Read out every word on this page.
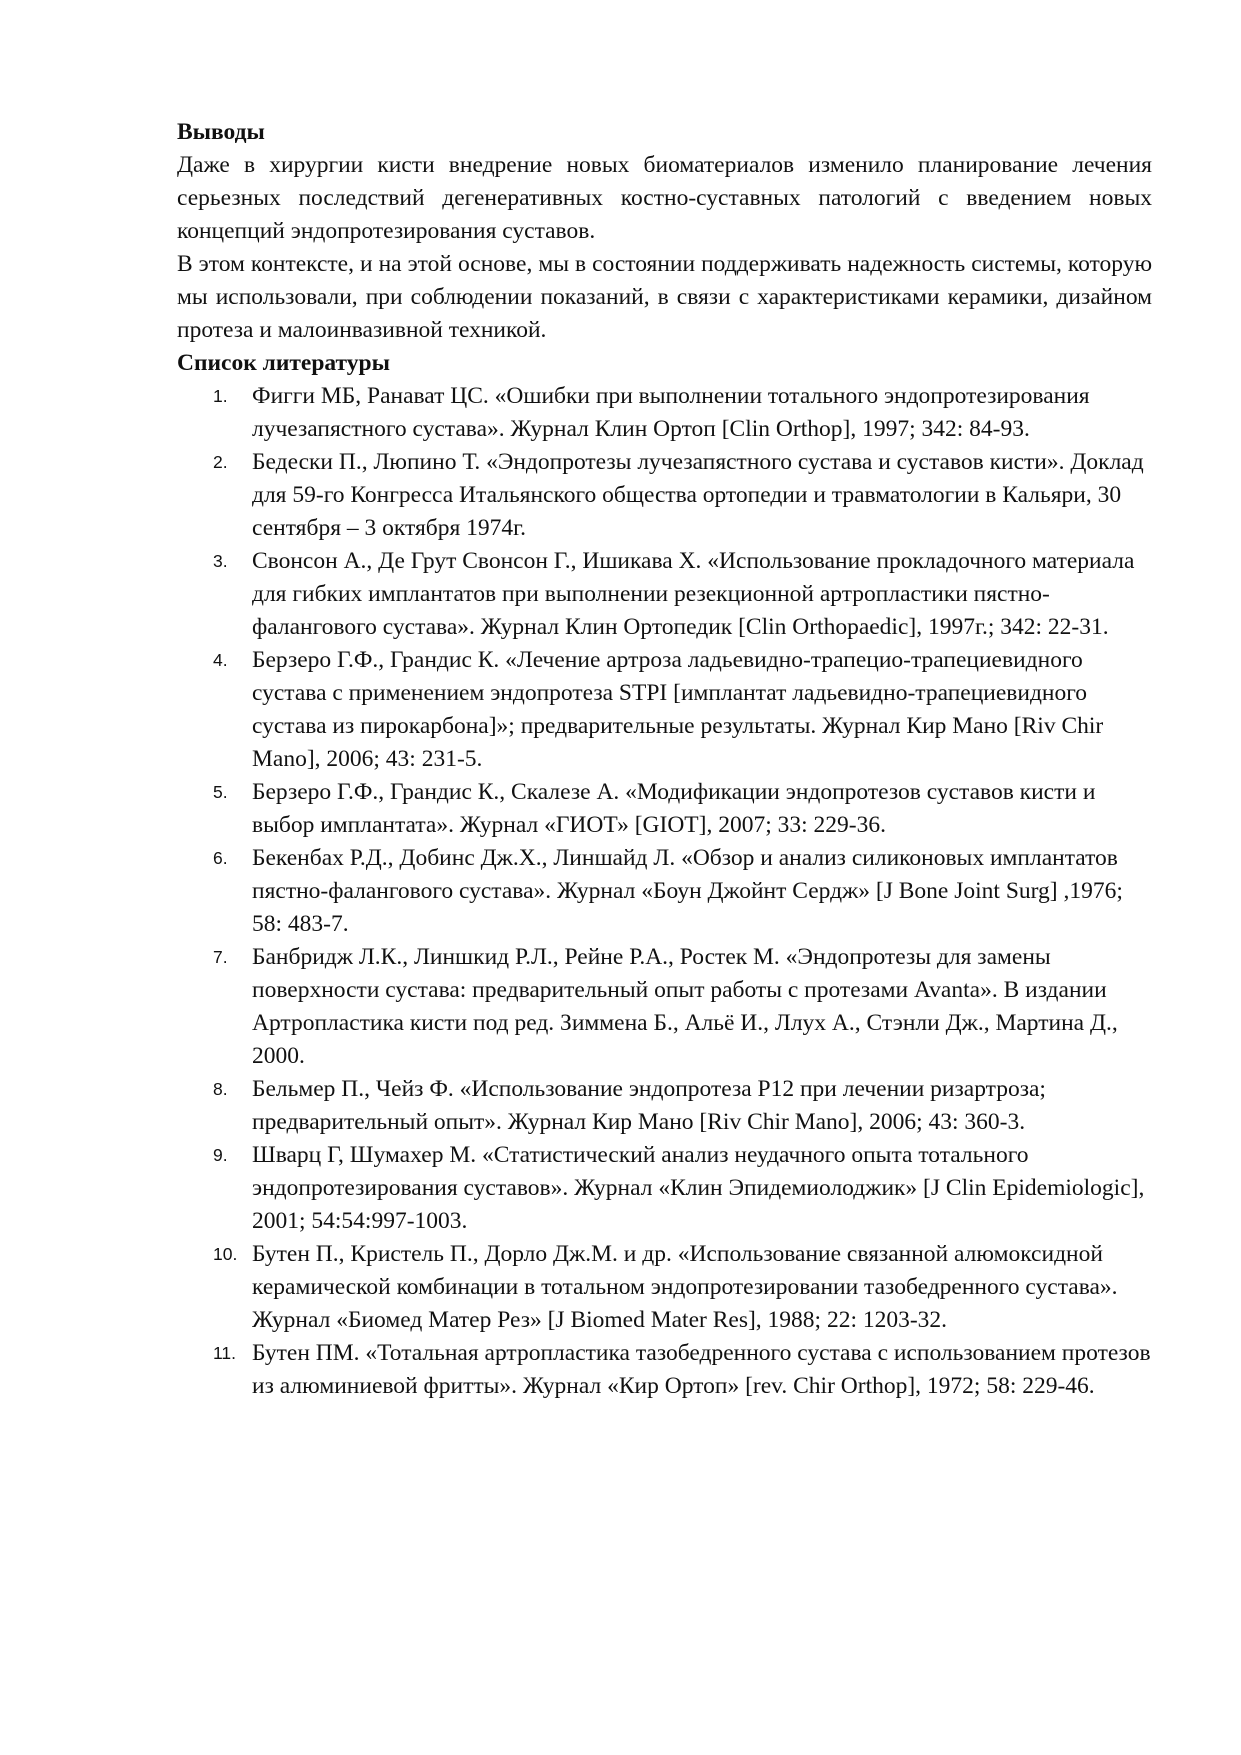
Выводы

Даже в хирургии кисти внедрение новых биоматериалов изменило планирование лечения серьезных последствий дегенеративных костно-суставных патологий с введением новых концепций эндопротезирования суставов.

В этом контексте, и на этой основе, мы в состоянии поддерживать надежность системы, которую мы использовали, при соблюдении показаний, в связи с характеристиками керамики, дизайном протеза и малоинвазивной техникой.

Список литературы
1. Фигги МБ, Ранават ЦС. «Ошибки при выполнении тотального эндопротезирования лучезапястного сустава». Журнал Клин Ортоп [Clin Orthop], 1997; 342: 84-93.
2. Бедески П., Люпино Т. «Эндопротезы лучезапястного сустава и суставов кисти». Доклад для 59-го Конгресса Итальянского общества ортопедии и травматологии в Кальяри, 30 сентября – 3 октября 1974г.
3. Свонсон А., Де Грут Свонсон Г., Ишикава Х. «Использование прокладочного материала для гибких имплантатов при выполнении резекционной артропластики пястно-фалангового сустава». Журнал Клин Ортопедик [Clin Orthopaedic], 1997г.; 342: 22-31.
4. Берзеро Г.Ф., Грандис К. «Лечение артроза ладьевидно-трапецио-трапециевидного сустава с применением эндопротеза STPI [имплантат ладьевидно-трапециевидного сустава из пирокарбона]»; предварительные результаты. Журнал Кир Мано [Riv Chir Mano], 2006; 43: 231-5.
5. Берзеро Г.Ф., Грандис К., Скалезе А. «Модификации эндопротезов суставов кисти и выбор имплантата». Журнал «ГИОТ» [GIOT], 2007; 33: 229-36.
6. Бекенбах Р.Д., Добинс Дж.Х., Линшайд Л. «Обзор и анализ силиконовых имплантатов пястно-фалангового сустава». Журнал «Боун Джойнт Сердж» [J Bone Joint Surg] ,1976; 58: 483-7.
7. Банбридж Л.К., Линшкид Р.Л., Рейне Р.А., Ростек М. «Эндопротезы для замены поверхности сустава: предварительный опыт работы с протезами Avanta». В издании Артропластика кисти под ред. Зиммена Б., Альё И., Ллух А., Стэнли Дж., Мартина Д., 2000.
8. Бельмер П., Чейз Ф. «Использование эндопротеза P12 при лечении ризартроза; предварительный опыт». Журнал Кир Мано [Riv Chir Mano], 2006; 43: 360-3.
9. Шварц Г, Шумахер М. «Статистический анализ неудачного опыта тотального эндопротезирования суставов». Журнал «Клин Эпидемиолоджик» [J Clin Epidemiologic], 2001; 54:54:997-1003.
10. Бутен П., Кристель П., Дорло Дж.М. и др. «Использование связанной алюмоксидной керамической комбинации в тотальном эндопротезировании тазобедренного сустава». Журнал «Биомед Матер Рез» [J Biomed Mater Res], 1988; 22: 1203-32.
11. Бутен ПМ. «Тотальная артропластика тазобедренного сустава с использованием протезов из алюминиевой фритты». Журнал «Кир Ортоп» [rev. Chir Orthop], 1972; 58: 229-46.
